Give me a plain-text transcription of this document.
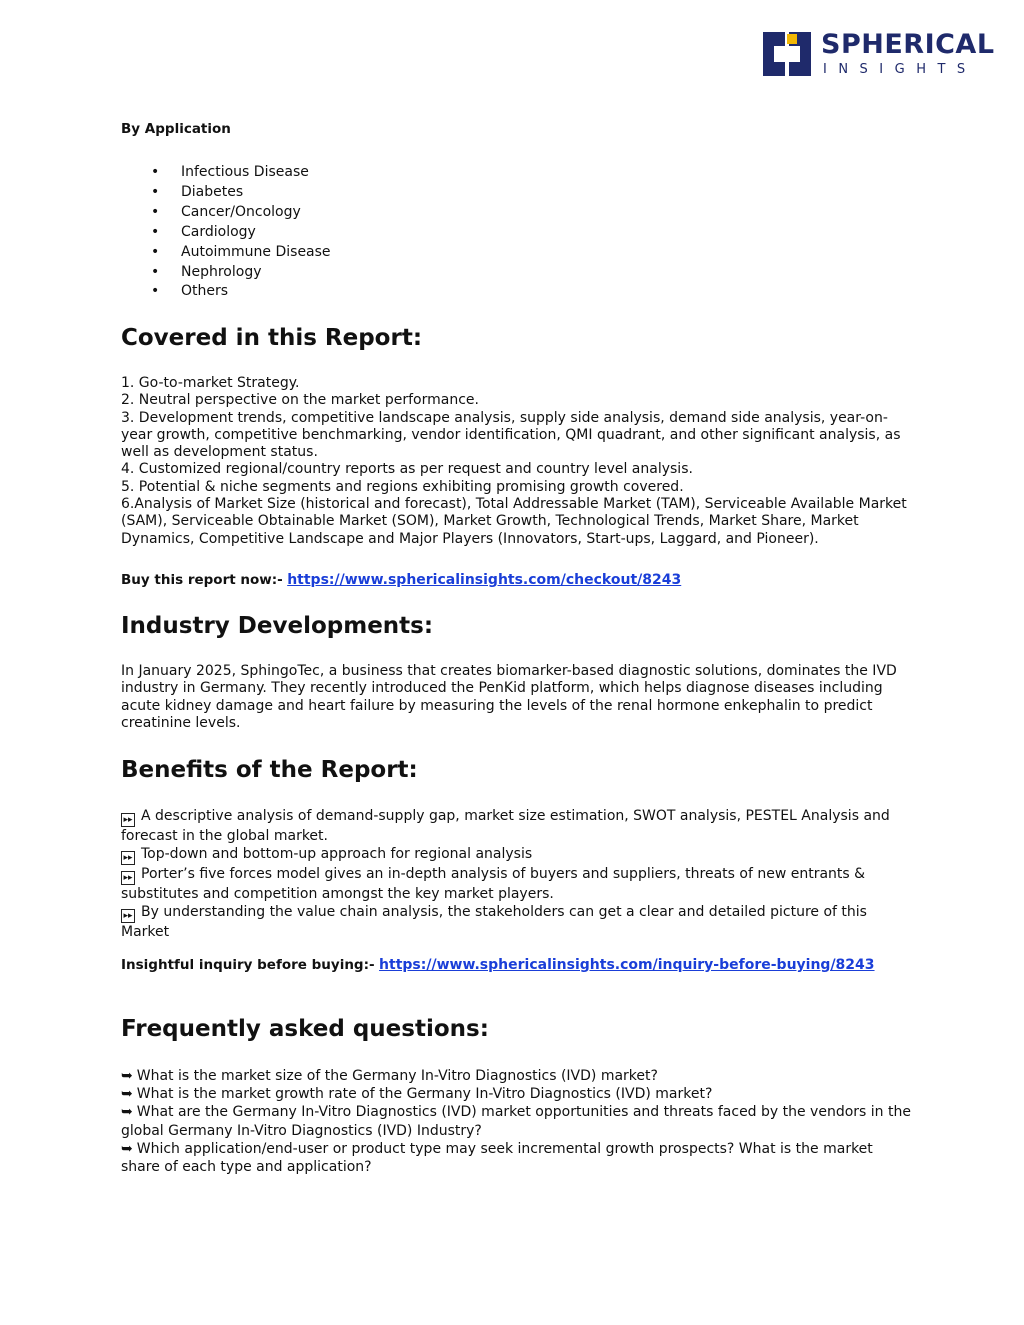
SPHERICAL
INSIGHTS
By Application
• Infectious Disease
• Diabetes
• Cancer/Oncology
• Cardiology
• Autoimmune Disease
• Nephrology
• Others
Covered in this Report:
1. Go-to-market Strategy.
2. Neutral perspective on the market performance.
3. Development trends, competitive landscape analysis, supply side analysis, demand side analysis, year-on-year growth, competitive benchmarking, vendor identification, QMI quadrant, and other significant analysis, as well as development status.
4. Customized regional/country reports as per request and country level analysis.
5. Potential & niche segments and regions exhibiting promising growth covered.
6.Analysis of Market Size (historical and forecast), Total Addressable Market (TAM), Serviceable Available Market (SAM), Serviceable Obtainable Market (SOM), Market Growth, Technological Trends, Market Share, Market Dynamics, Competitive Landscape and Major Players (Innovators, Start-ups, Laggard, and Pioneer).
Buy this report now:- https://www.sphericalinsights.com/checkout/8243
Industry Developments:
In January 2025, SphingoTec, a business that creates biomarker-based diagnostic solutions, dominates the IVD industry in Germany. They recently introduced the PenKid platform, which helps diagnose diseases including acute kidney damage and heart failure by measuring the levels of the renal hormone enkephalin to predict creatinine levels.
Benefits of the Report:
▸▸ A descriptive analysis of demand-supply gap, market size estimation, SWOT analysis, PESTEL Analysis and forecast in the global market.
▸▸ Top-down and bottom-up approach for regional analysis
▸▸ Porter’s five forces model gives an in-depth analysis of buyers and suppliers, threats of new entrants & substitutes and competition amongst the key market players.
▸▸ By understanding the value chain analysis, the stakeholders can get a clear and detailed picture of this Market
Insightful inquiry before buying:- https://www.sphericalinsights.com/inquiry-before-buying/8243
Frequently asked questions:
➥ What is the market size of the Germany In-Vitro Diagnostics (IVD) market?
➥ What is the market growth rate of the Germany In-Vitro Diagnostics (IVD) market?
➥ What are the Germany In-Vitro Diagnostics (IVD) market opportunities and threats faced by the vendors in the global Germany In-Vitro Diagnostics (IVD) Industry?
➥ Which application/end-user or product type may seek incremental growth prospects? What is the market share of each type and application?
